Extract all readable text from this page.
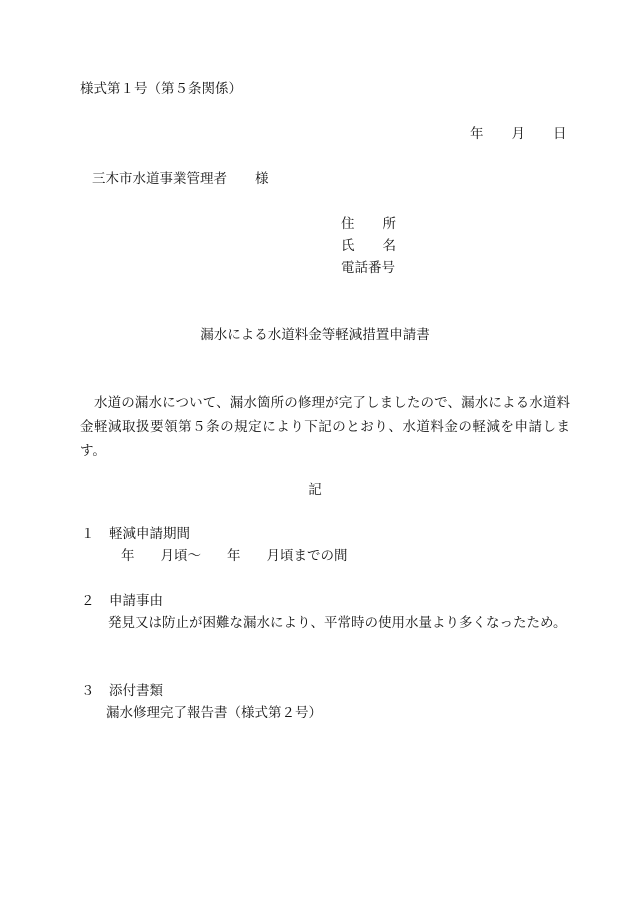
様式第１号（第５条関係）
年 月 日
三木市水道事業管理者 様
住 所
氏 名
電話番号
漏水による水道料金等軽減措置申請書
水道の漏水について、漏水箇所の修理が完了しましたので、漏水による水道料金軽減取扱要領第５条の規定により下記のとおり、水道料金の軽減を申請します。
記
１ 軽減申請期間
年 月頃～ 年 月頃までの間
２ 申請事由
発見又は防止が困難な漏水により、平常時の使用水量より多くなったため。
３ 添付書類
漏水修理完了報告書（様式第２号）
